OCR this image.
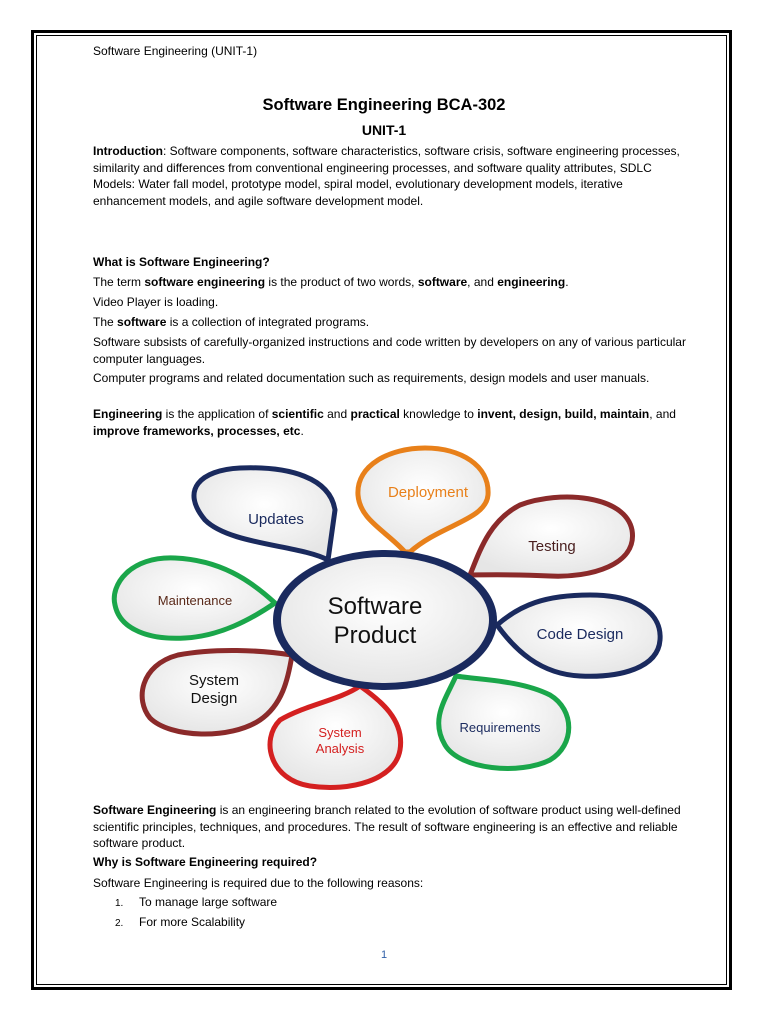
Software Engineering (UNIT-1)
Software Engineering BCA-302
UNIT-1
Introduction: Software components, software characteristics, software crisis, software engineering processes, similarity and differences from conventional engineering processes, and software quality attributes, SDLC Models: Water fall model, prototype model, spiral model, evolutionary development models, iterative enhancement models, and agile software development model.
What is Software Engineering?
The term software engineering is the product of two words, software, and engineering.
Video Player is loading.
The software is a collection of integrated programs.
Software subsists of carefully-organized instructions and code written by developers on any of various particular computer languages.
Computer programs and related documentation such as requirements, design models and user manuals.
Engineering is the application of scientific and practical knowledge to invent, design, build, maintain, and improve frameworks, processes, etc.
Updates
Deployment
Testing
Maintenance
Code Design
System
Design
System
Analysis
Requirements
Software
Product
Software Engineering is an engineering branch related to the evolution of software product using well-defined scientific principles, techniques, and procedures. The result of software engineering is an effective and reliable software product.
Why is Software Engineering required?
Software Engineering is required due to the following reasons:
1. To manage large software
2. For more Scalability
1
